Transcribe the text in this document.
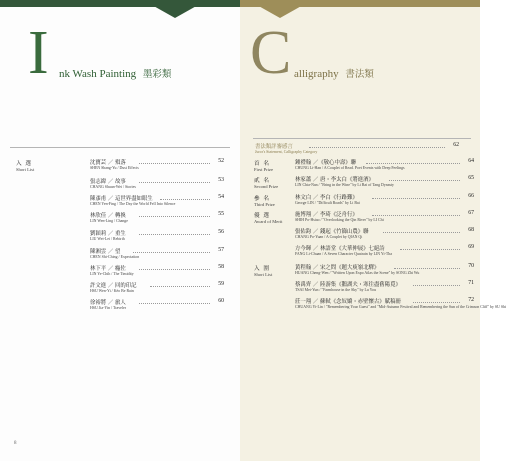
I nk Wash Painting 墨彩類
入 選
Short List
沈寶芸 ／ 殞落	52
SHEN Shang-Yu / Dust Effects
張志緯 ／ 故事	53
CHANG Shuan-Wei / Stories
陳彥甫 ／ 這世界盡如眼生	54
CHEN Yen-Fing / The Day the World Fell Into Silence
林欣佳 ／ 轉換	55
LIN Wen-Ling / Change
劉穎莉 ／ 重生	56
LIU Wei-Lei / Rebirth
陳湘雲 ／ 望	57
CHEN Shi-Ching / Expectation
林下平 ／ 癮佐	58
LIN Ye-Chih / The Timidity
許文進 ／ 回的印記	59
HSU Wen-Yi / Kéo Be Rain
徐裕將 ／ 旅人	60
HSU Jia-Yin / Traveler
8
C alligraphy 書法類
書法類評審感言	62
Juror's Statement, Calligraphy Category
首 名
First Prize
鍾禮翰 ／《敬心中壽》聯	64
CHUNG Li-Han / A Couplet of Read. Poet Events with Deep Feelings
貳 名
Second Prize
林家蕭 ／ 唐・李太白《將進酒》	65
LIN Chia-Nan / "Bring in the Wine" by Li Bai of Tang Dynasty
參 名
Third Prize
林文白 ／ 李白《行路難》	66
George LIN / "Difficult Roads" by Li Bai
優 選
Award of Merit
施博翔 ／ 李琦《泛舟行》	67
SHIH Po-Hsiao / "Overlooking the Qin River" by LI Chi
張佑鈞 ／ 錢起《竹篩山農》聯	68
CHANG Po-Yuan / A Couplet by QIAN Qi
方今暉 ／ 林語堂《大華伸展》七絕詩	69
FANG Li-Chuan / A Seven Character Quatrain by LIN Yi-Tha
入 圍
Short List
黃程翰 ／ 宋之問《題大庾嶺北驛》	70
HUANG Cheng-Wen / "Written Upon Expo Atlas the Scene" by SONG Zhi Wu
蔡禹齊 ／ 陸游集《鵝湖夫・寒往盡舊陽覓》	71
TSAI Mei-Yun / "Farmhouse in the Sky" by Lu You
莊一翔 ／ 蘇軾《念奴嬌・赤壁懷古》賦稿冊	72
CHUANG Yi-Lin / "Remembering Your Guest" and "Mid-Autumn Festival and Remembering the Sun of the Crimson Cliff" by SU Shi
